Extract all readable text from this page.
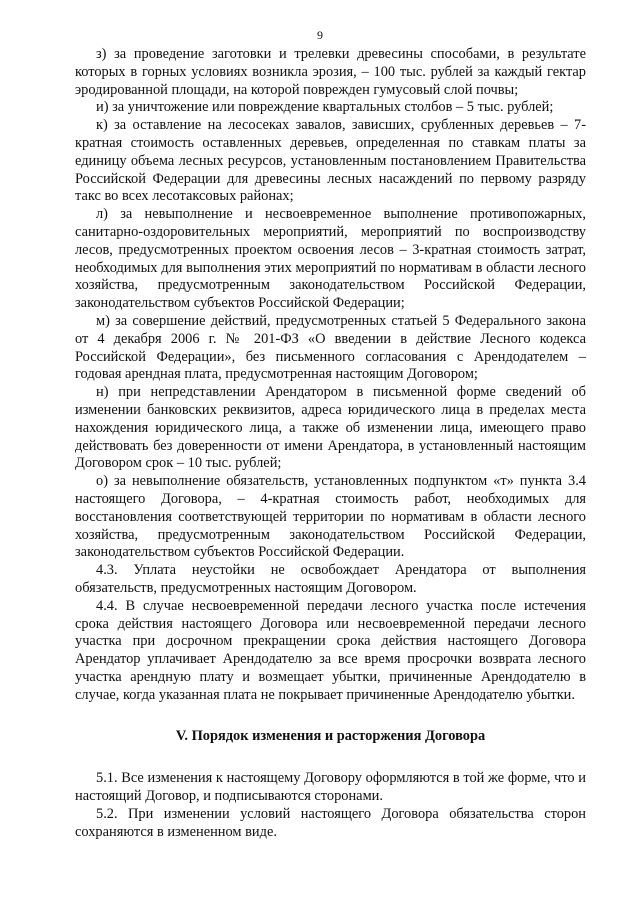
9

з) за проведение заготовки и трелевки древесины способами, в результате которых в горных условиях возникла эрозия, – 100 тыс. рублей за каждый гектар эродированной площади, на которой поврежден гумусовый слой почвы;

и) за уничтожение или повреждение квартальных столбов – 5 тыс. рублей;

к) за оставление на лесосеках завалов, зависших, срубленных деревьев – 7-кратная стоимость оставленных деревьев, определенная по ставкам платы за единицу объема лесных ресурсов, установленным постановлением Правительства Российской Федерации для древесины лесных насаждений по первому разряду такс во всех лесотаксовых районах;

л) за невыполнение и несвоевременное выполнение противопожарных, санитарно-оздоровительных мероприятий, мероприятий по воспроизводству лесов, предусмотренных проектом освоения лесов – 3-кратная стоимость затрат, необходимых для выполнения этих мероприятий по нормативам в области лесного хозяйства, предусмотренным законодательством Российской Федерации, законодательством субъектов Российской Федерации;

м) за совершение действий, предусмотренных статьей 5 Федерального закона от 4 декабря 2006 г. № 201-ФЗ «О введении в действие Лесного кодекса Российской Федерации», без письменного согласования с Арендодателем – годовая арендная плата, предусмотренная настоящим Договором;

н) при непредставлении Арендатором в письменной форме сведений об изменении банковских реквизитов, адреса юридического лица в пределах места нахождения юридического лица, а также об изменении лица, имеющего право действовать без доверенности от имени Арендатора, в установленный настоящим Договором срок – 10 тыс. рублей;

о) за невыполнение обязательств, установленных подпунктом «т» пункта 3.4 настоящего Договора, – 4-кратная стоимость работ, необходимых для восстановления соответствующей территории по нормативам в области лесного хозяйства, предусмотренным законодательством Российской Федерации, законодательством субъектов Российской Федерации.

4.3. Уплата неустойки не освобождает Арендатора от выполнения обязательств, предусмотренных настоящим Договором.

4.4. В случае несвоевременной передачи лесного участка после истечения срока действия настоящего Договора или несвоевременной передачи лесного участка при досрочном прекращении срока действия настоящего Договора Арендатор уплачивает Арендодателю за все время просрочки возврата лесного участка арендную плату и возмещает убытки, причиненные Арендодателю в случае, когда указанная плата не покрывает причиненные Арендодателю убытки.

V. Порядок изменения и расторжения Договора

5.1. Все изменения к настоящему Договору оформляются в той же форме, что и настоящий Договор, и подписываются сторонами.

5.2. При изменении условий настоящего Договора обязательства сторон сохраняются в измененном виде.
